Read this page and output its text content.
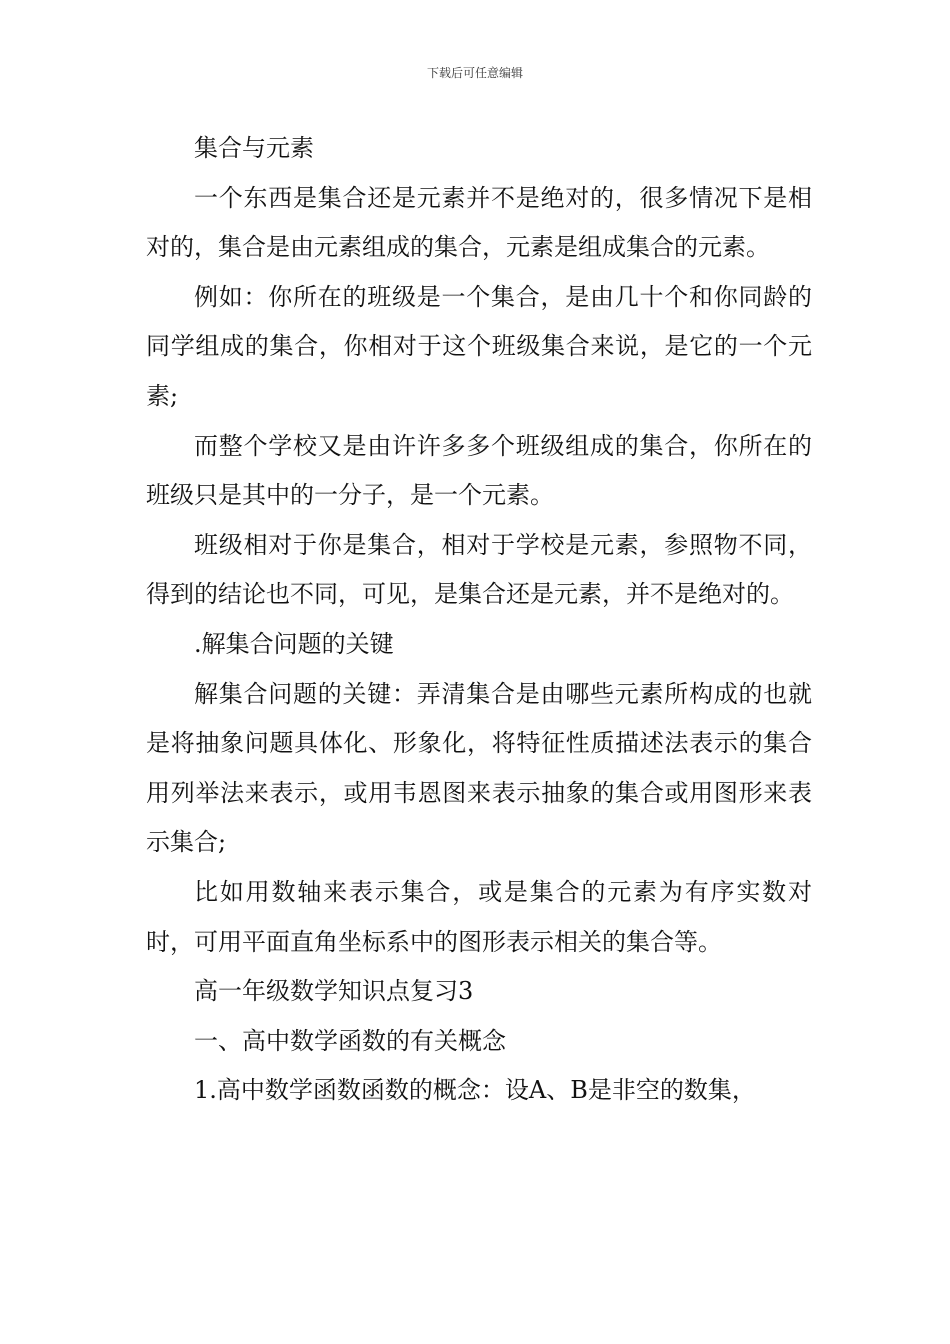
下载后可任意编辑

集合与元素

一个东西是集合还是元素并不是绝对的，很多情况下是相对的，集合是由元素组成的集合，元素是组成集合的元素。

例如：你所在的班级是一个集合，是由几十个和你同龄的同学组成的集合，你相对于这个班级集合来说，是它的一个元素;

而整个学校又是由许许多多个班级组成的集合，你所在的班级只是其中的一分子，是一个元素。

班级相对于你是集合，相对于学校是元素，参照物不同，得到的结论也不同，可见，是集合还是元素，并不是绝对的。

.解集合问题的关键

解集合问题的关键：弄清集合是由哪些元素所构成的也就是将抽象问题具体化、形象化，将特征性质描述法表示的集合用列举法来表示，或用韦恩图来表示抽象的集合或用图形来表示集合;

比如用数轴来表示集合，或是集合的元素为有序实数对时，可用平面直角坐标系中的图形表示相关的集合等。

高一年级数学知识点复习3

一、高中数学函数的有关概念

1.高中数学函数函数的概念：设A、B是非空的数集，
